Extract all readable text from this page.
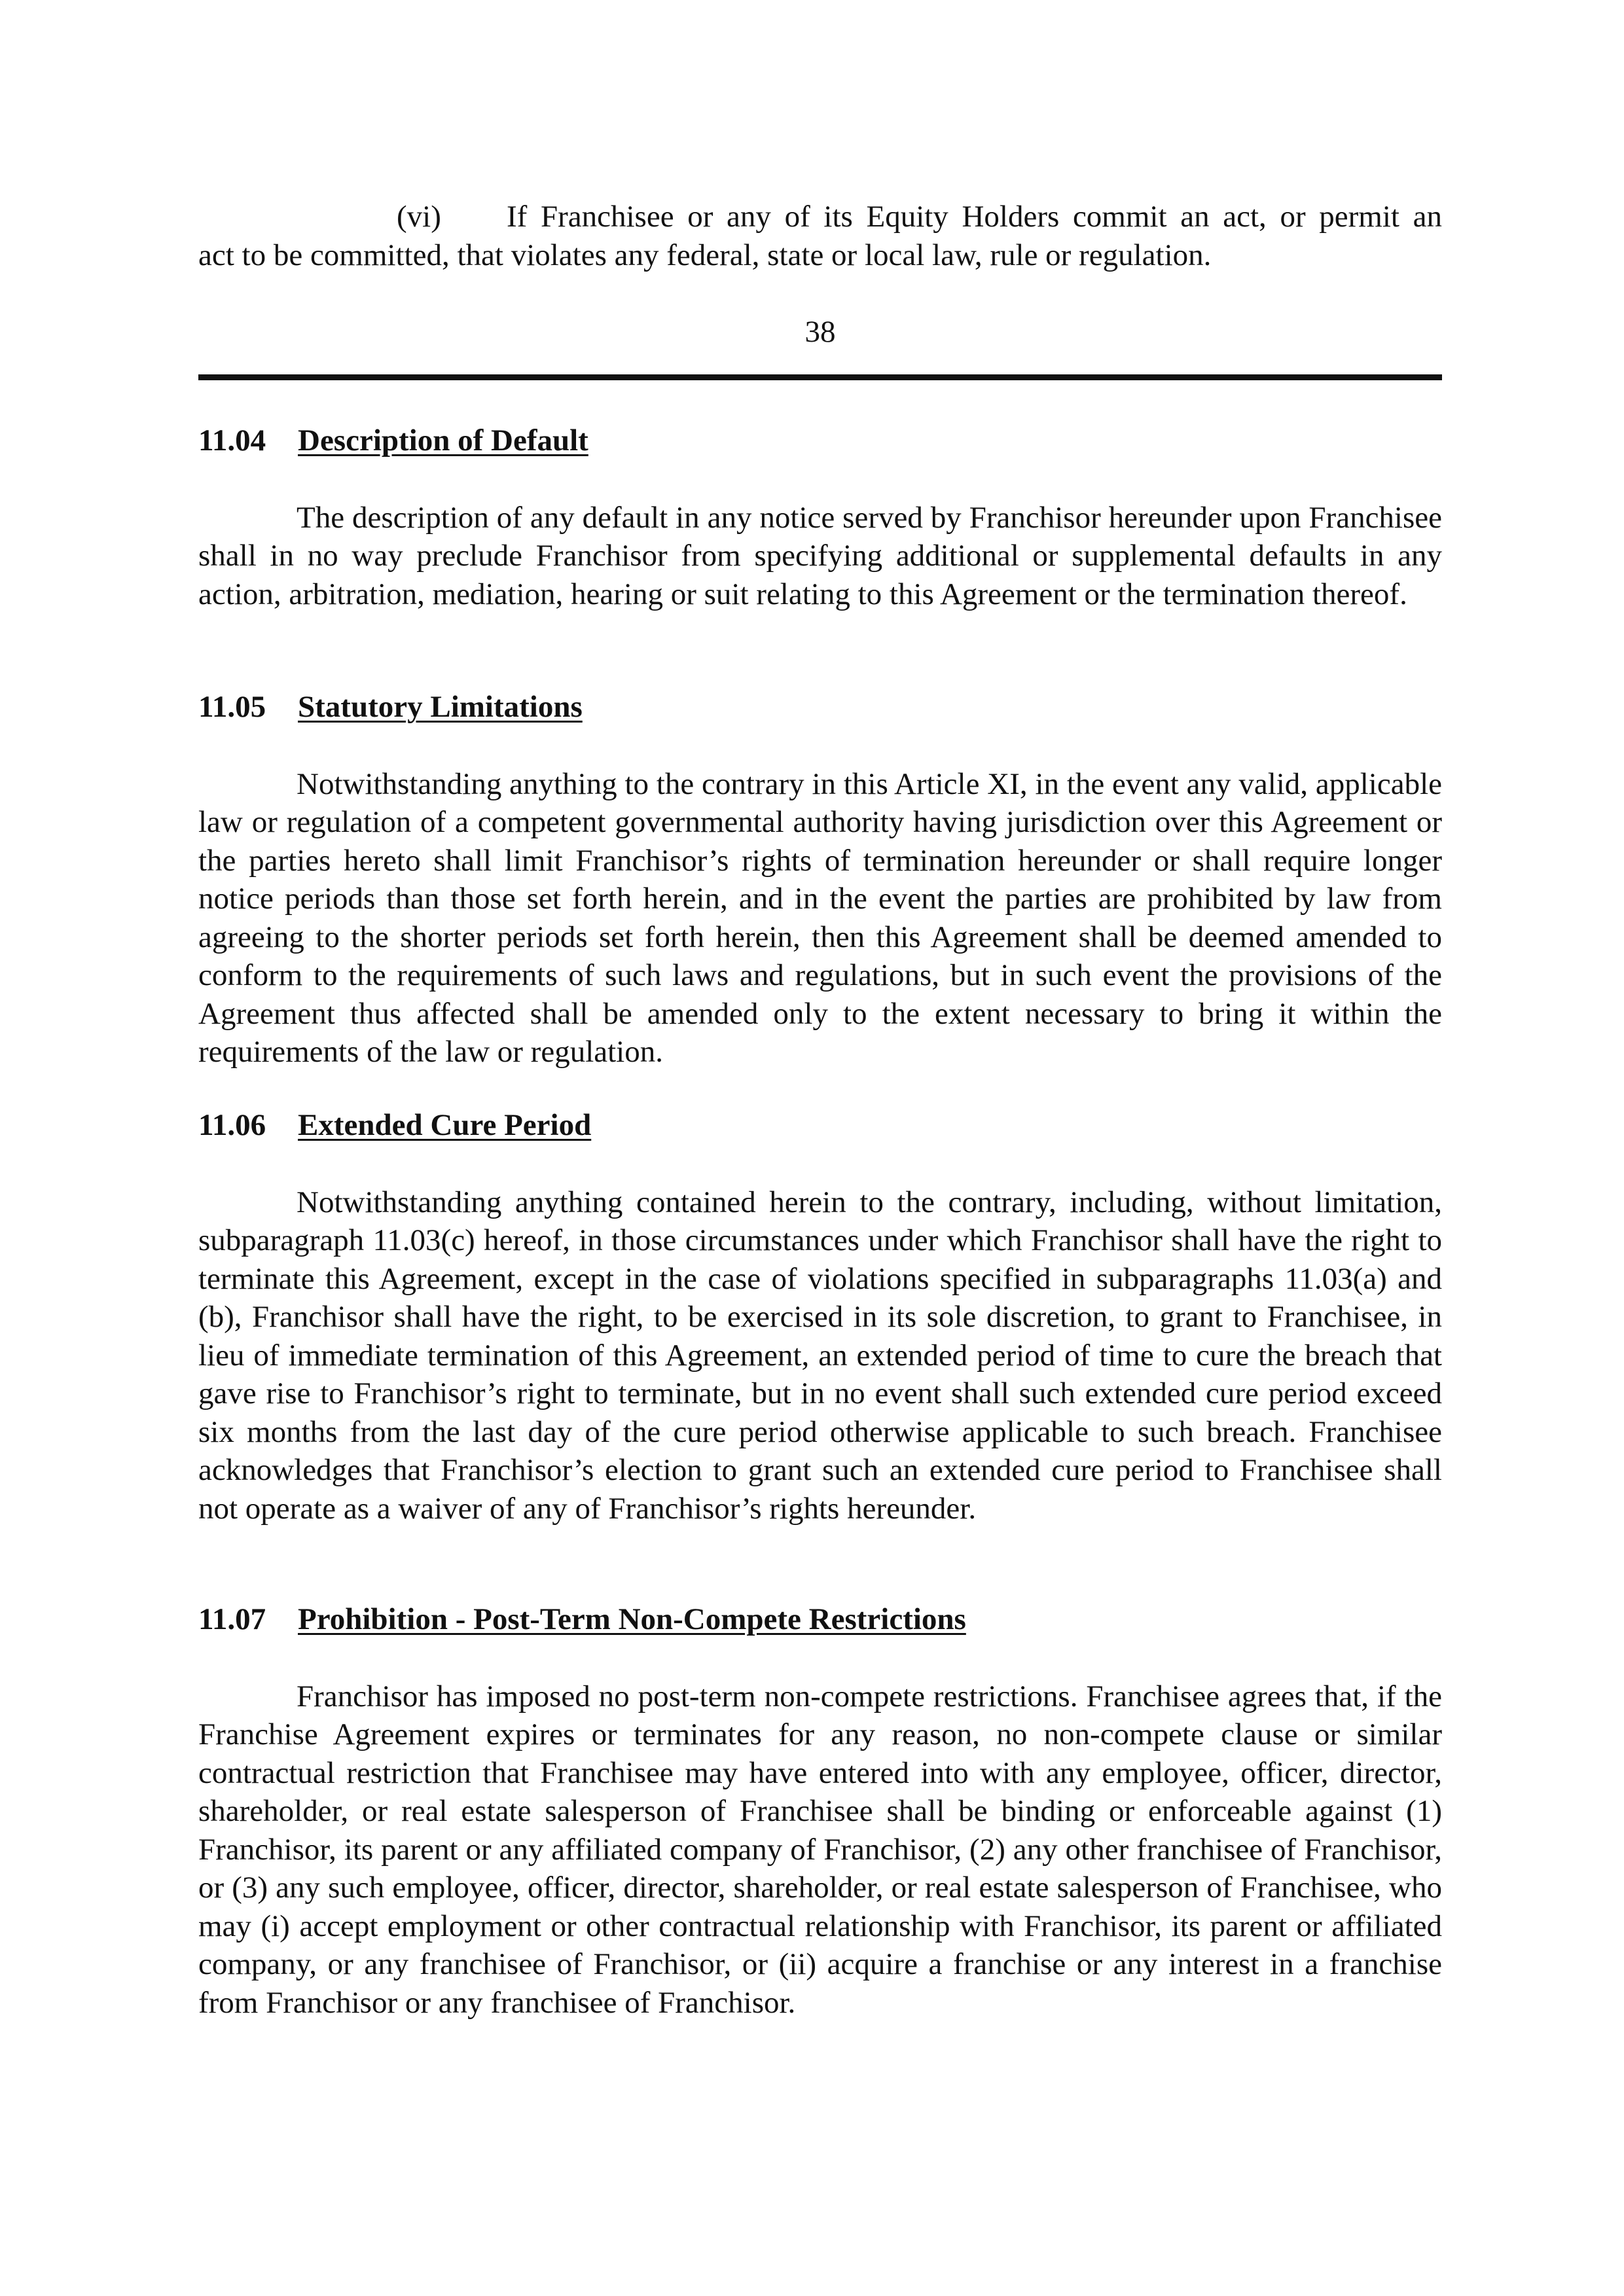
(vi) If Franchisee or any of its Equity Holders commit an act, or permit an
act to be committed, that violates any federal, state or local law, rule or regulation.
38

11.04 Description of Default

The description of any default in any notice served by Franchisor hereunder upon Franchisee shall in no way preclude Franchisor from specifying additional or supplemental defaults in any action, arbitration, mediation, hearing or suit relating to this Agreement or the termination thereof.

11.05 Statutory Limitations

Notwithstanding anything to the contrary in this Article XI, in the event any valid, applicable law or regulation of a competent governmental authority having jurisdiction over this Agreement or the parties hereto shall limit Franchisor’s rights of termination hereunder or shall require longer notice periods than those set forth herein, and in the event the parties are prohibited by law from agreeing to the shorter periods set forth herein, then this Agreement shall be deemed amended to conform to the requirements of such laws and regulations, but in such event the provisions of the Agreement thus affected shall be amended only to the extent necessary to bring it within the requirements of the law or regulation.

11.06 Extended Cure Period

Notwithstanding anything contained herein to the contrary, including, without limitation, subparagraph 11.03(c) hereof, in those circumstances under which Franchisor shall have the right to terminate this Agreement, except in the case of violations specified in subparagraphs 11.03(a) and (b), Franchisor shall have the right, to be exercised in its sole discretion, to grant to Franchisee, in lieu of immediate termination of this Agreement, an extended period of time to cure the breach that gave rise to Franchisor’s right to terminate, but in no event shall such extended cure period exceed six months from the last day of the cure period otherwise applicable to such breach. Franchisee acknowledges that Franchisor’s election to grant such an extended cure period to Franchisee shall not operate as a waiver of any of Franchisor’s rights hereunder.

11.07 Prohibition - Post-Term Non-Compete Restrictions

Franchisor has imposed no post-term non-compete restrictions. Franchisee agrees that, if the Franchise Agreement expires or terminates for any reason, no non-compete clause or similar contractual restriction that Franchisee may have entered into with any employee, officer, director, shareholder, or real estate salesperson of Franchisee shall be binding or enforceable against (1) Franchisor, its parent or any affiliated company of Franchisor, (2) any other franchisee of Franchisor, or (3) any such employee, officer, director, shareholder, or real estate salesperson of Franchisee, who may (i) accept employment or other contractual relationship with Franchisor, its parent or affiliated company, or any franchisee of Franchisor, or (ii) acquire a franchise or any interest in a franchise from Franchisor or any franchisee of Franchisor.
